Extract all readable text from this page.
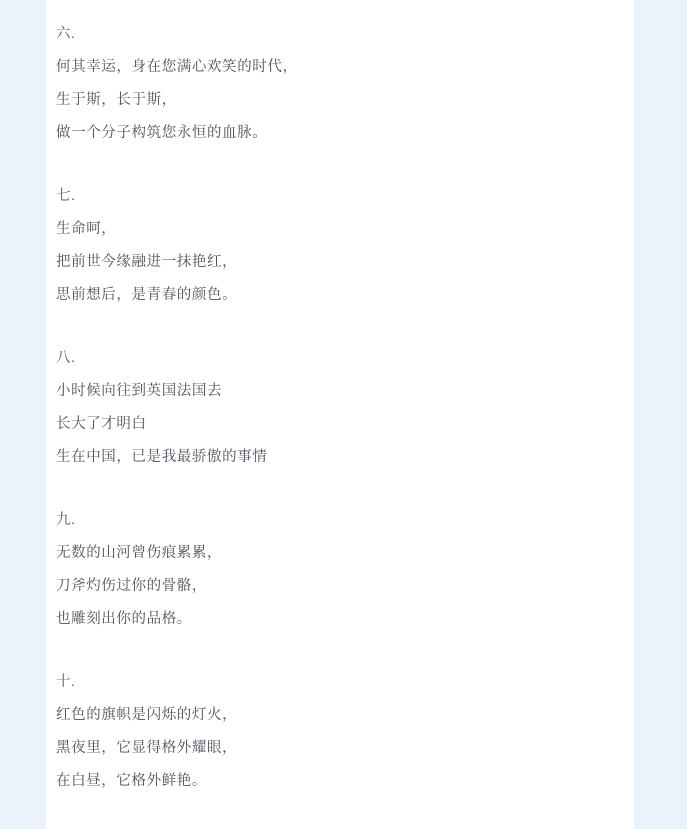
六.
何其幸运，身在您满心欢笑的时代，
生于斯，长于斯，
做一个分子构筑您永恒的血脉。
七.
生命呵，
把前世今缘融进一抹艳红，
思前想后，是青春的颜色。
八.
小时候向往到英国法国去
长大了才明白
生在中国，已是我最骄傲的事情
九.
无数的山河曾伤痕累累，
刀斧灼伤过你的骨骼，
也雕刻出你的品格。
十.
红色的旗帜是闪烁的灯火，
黑夜里，它显得格外耀眼，
在白昼，它格外鲜艳。
